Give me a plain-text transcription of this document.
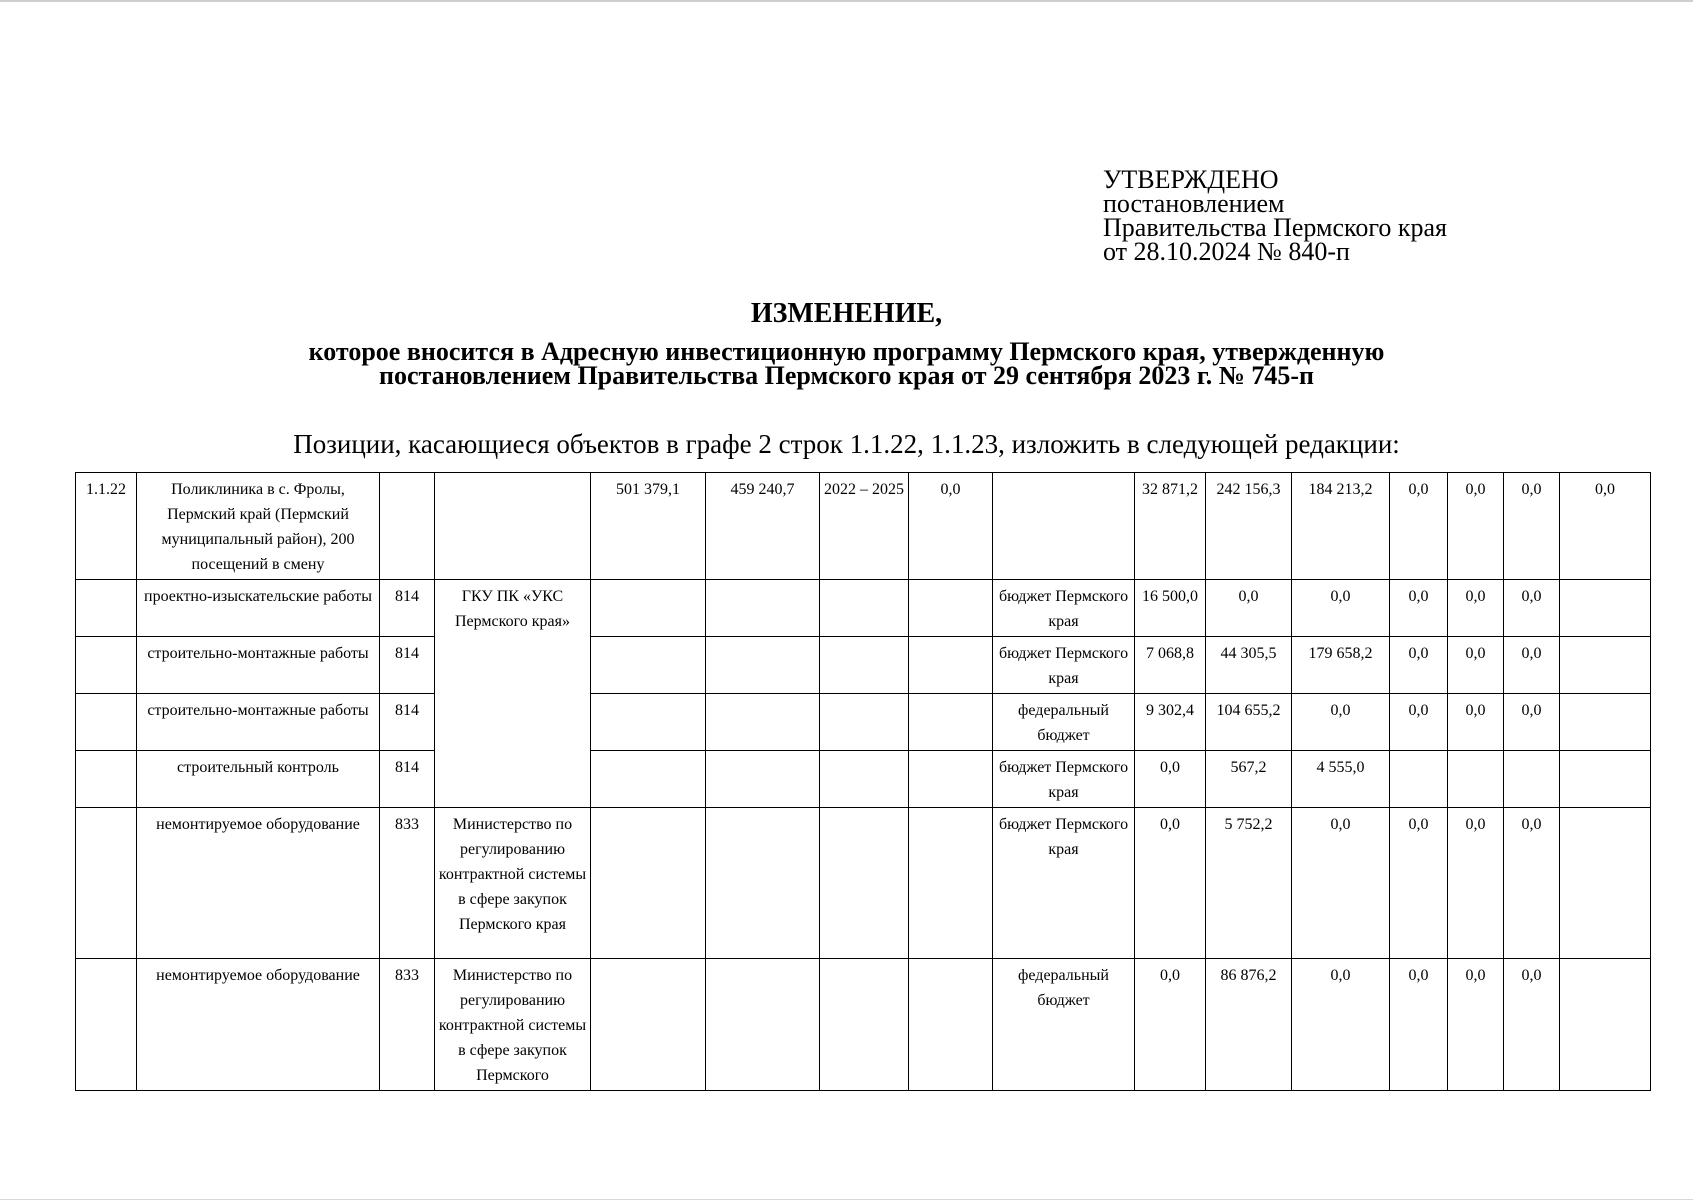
УТВЕРЖДЕНО
постановлением
Правительства Пермского края
от 28.10.2024 № 840-п
ИЗМЕНЕНИЕ,
которое вносится в Адресную инвестиционную программу Пермского края, утвержденную
постановлением Правительства Пермского края от 29 сентября 2023 г. № 745-п
Позиции, касающиеся объектов в графе 2 строк 1.1.22, 1.1.23, изложить в следующей редакции:
1.1.22	Поликлиника в с. Фролы, Пермский край (Пермский муниципальный район), 200 посещений в смену			501 379,1	459 240,7	2022 – 2025	0,0		32 871,2	242 156,3	184 213,2	0,0	0,0	0,0	0,0
	проектно-изыскательские работы	814	ГКУ ПК «УКС Пермского края»					бюджет Пермского края	16 500,0	0,0	0,0	0,0	0,0	0,0	
	строительно-монтажные работы	814						бюджет Пермского края	7 068,8	44 305,5	179 658,2	0,0	0,0	0,0	
	строительно-монтажные работы	814						федеральный бюджет	9 302,4	104 655,2	0,0	0,0	0,0	0,0	
	строительный контроль	814						бюджет Пермского края	0,0	567,2	4 555,0				
	немонтируемое оборудование	833	Министерство по регулированию контрактной системы в сфере закупок Пермского края					бюджет Пермского края	0,0	5 752,2	0,0	0,0	0,0	0,0	
	немонтируемое оборудование	833	Министерство по регулированию контрактной системы в сфере закупок Пермского					федеральный бюджет	0,0	86 876,2	0,0	0,0	0,0	0,0	
